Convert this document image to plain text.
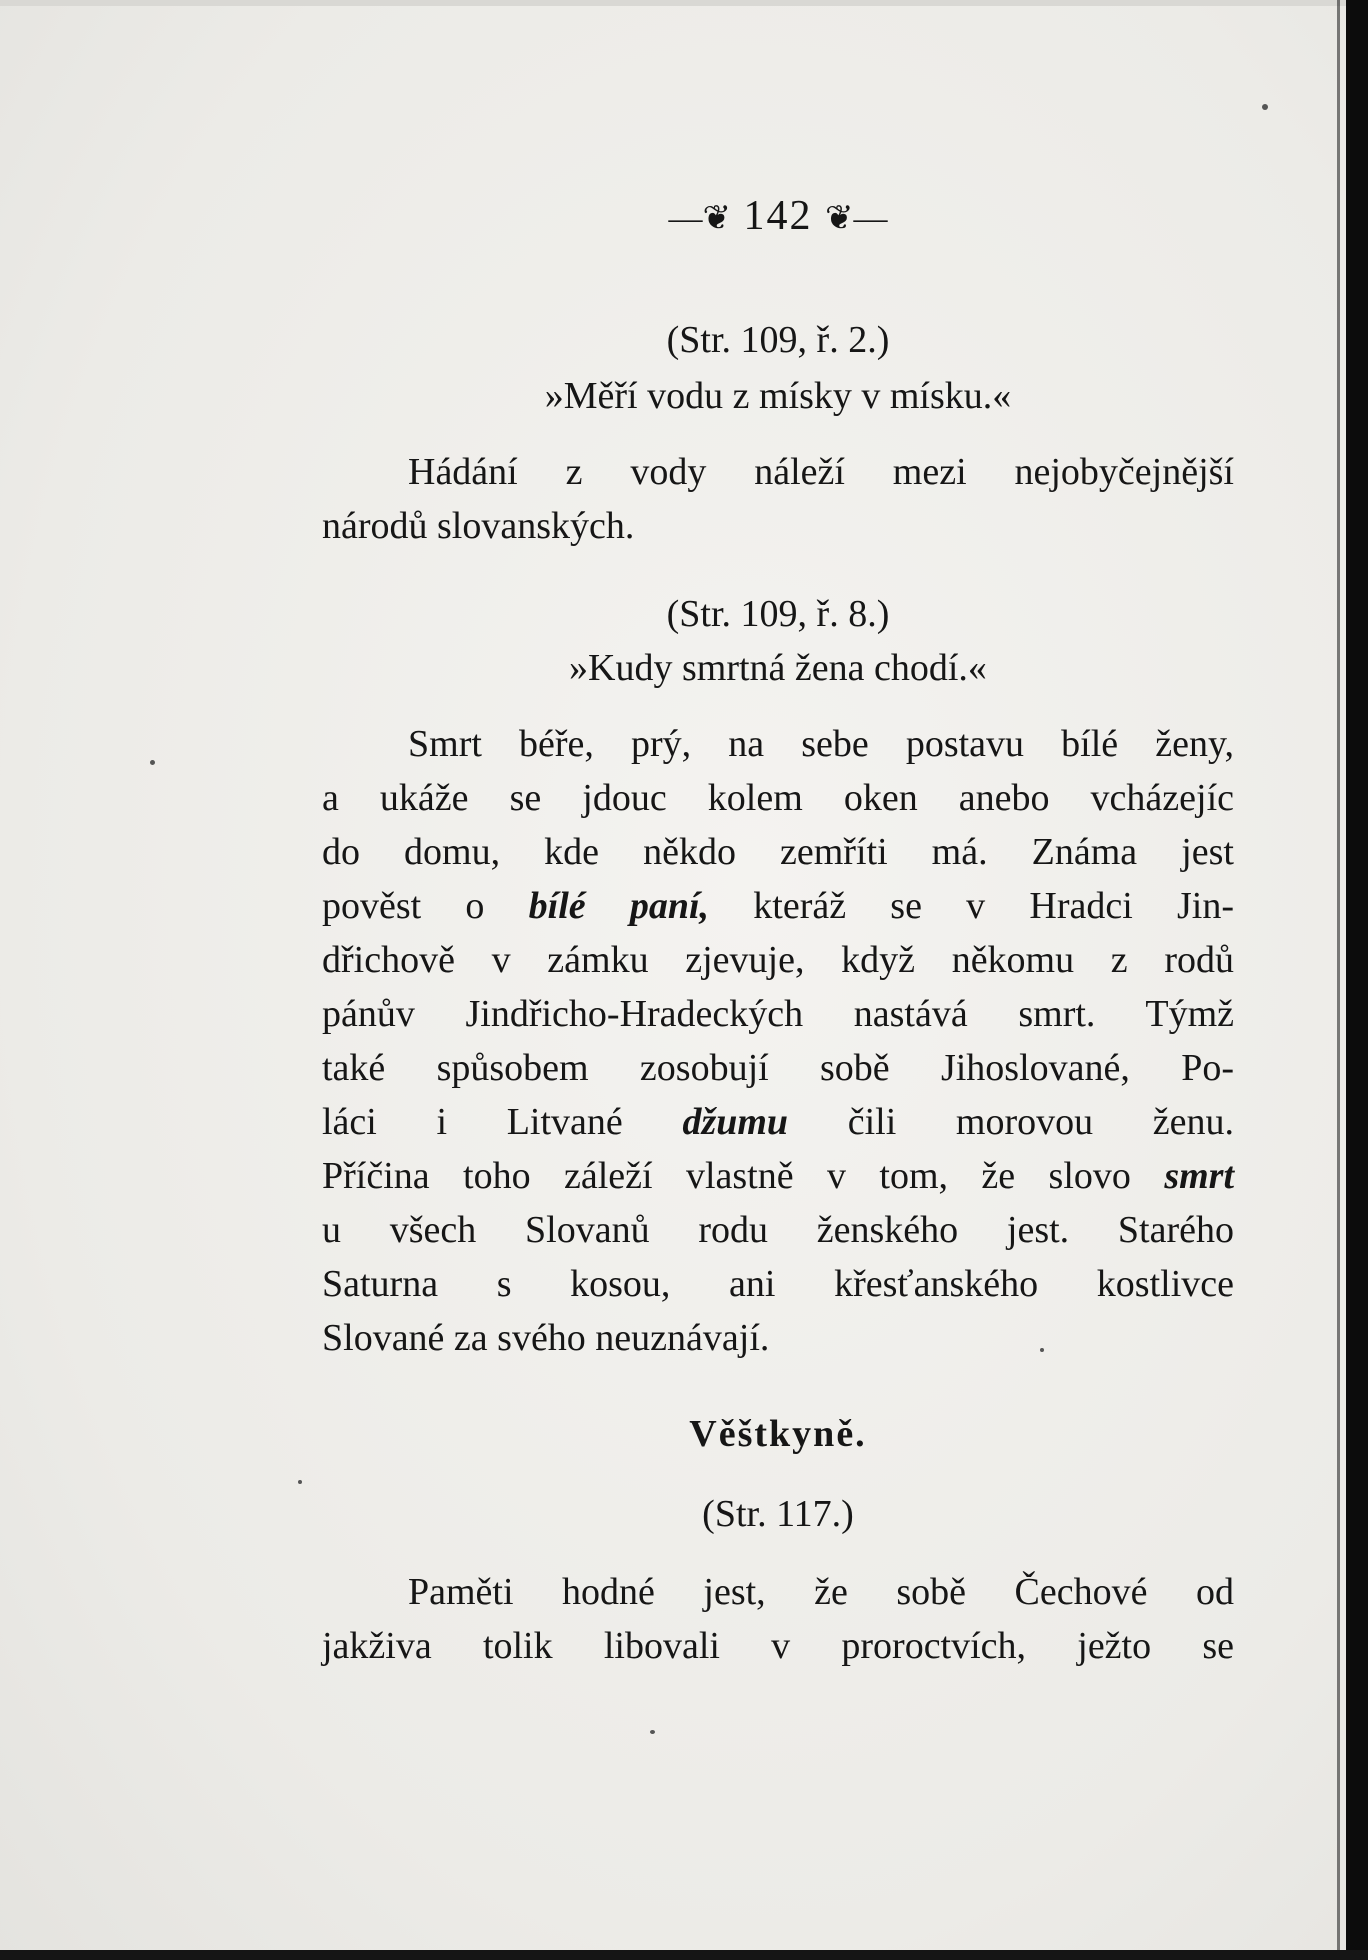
—❦ 142 ❦—
(Str. 109, ř. 2.)
»Měří vodu z mísky v mísku.«
Hádání z vody náleží mezi nejobyčejnější
národů slovanských.
(Str. 109, ř. 8.)
»Kudy smrtná žena chodí.«
Smrt béře, prý, na sebe postavu bílé ženy,
a ukáže se jdouc kolem oken anebo vcházejíc
do domu, kde někdo zemříti má. Známa jest
pověst o bílé paní, kteráž se v Hradci Jin-
dřichově v zámku zjevuje, když někomu z rodů
pánův Jindřicho-Hradeckých nastává smrt. Týmž
také spůsobem zosobují sobě Jihoslované, Po-
láci i Litvané džumu čili morovou ženu.
Příčina toho záleží vlastně v tom, že slovo smrt
u všech Slovanů rodu ženského jest. Starého
Saturna s kosou, ani křesťanského kostlivce
Slované za svého neuznávají.
Věštkyně.
(Str. 117.)
Paměti hodné jest, že sobě Čechové od
jakživa tolik libovali v proroctvích, ježto se
